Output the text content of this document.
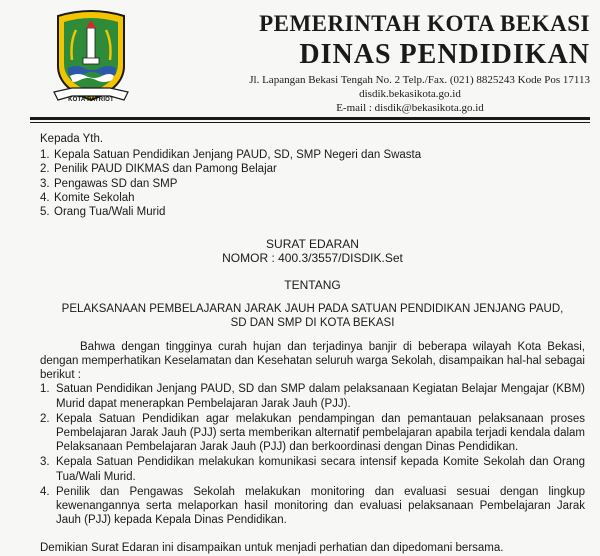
KOTA PATRIOT
PEMERINTAH KOTA BEKASI
DINAS PENDIDIKAN
Jl. Lapangan Bekasi Tengah No. 2 Telp./Fax. (021) 8825243 Kode Pos 17113
disdik.bekasikota.go.id
E-mail : disdik@bekasikota.go.id
Kepada Yth.
1. Kepala Satuan Pendidikan Jenjang PAUD, SD, SMP Negeri dan Swasta
2. Penilik PAUD DIKMAS dan Pamong Belajar
3. Pengawas SD dan SMP
4. Komite Sekolah
5. Orang Tua/Wali Murid
SURAT EDARAN
NOMOR : 400.3/3557/DISDIK.Set
TENTANG
PELAKSANAAN PEMBELAJARAN JARAK JAUH PADA SATUAN PENDIDIKAN JENJANG PAUD, SD DAN SMP DI KOTA BEKASI
Bahwa dengan tingginya curah hujan dan terjadinya banjir di beberapa wilayah Kota Bekasi, dengan memperhatikan Keselamatan dan Kesehatan seluruh warga Sekolah, disampaikan hal-hal sebagai berikut :
1. Satuan Pendidikan Jenjang PAUD, SD dan SMP dalam pelaksanaan Kegiatan Belajar Mengajar (KBM) Murid dapat menerapkan Pembelajaran Jarak Jauh (PJJ).
2. Kepala Satuan Pendidikan agar melakukan pendampingan dan pemantauan pelaksanaan proses Pembelajaran Jarak Jauh (PJJ) serta memberikan alternatif pembelajaran apabila terjadi kendala dalam Pelaksanaan Pembelajaran Jarak Jauh (PJJ) dan berkoordinasi dengan Dinas Pendidikan.
3. Kepala Satuan Pendidikan melakukan komunikasi secara intensif kepada Komite Sekolah dan Orang Tua/Wali Murid.
4. Penilik dan Pengawas Sekolah melakukan monitoring dan evaluasi sesuai dengan lingkup kewenangannya serta melaporkan hasil monitoring dan evaluasi pelaksanaan Pembelajaran Jarak Jauh (PJJ) kepada Kepala Dinas Pendidikan.
Demikian Surat Edaran ini disampaikan untuk menjadi perhatian dan dipedomani bersama.
